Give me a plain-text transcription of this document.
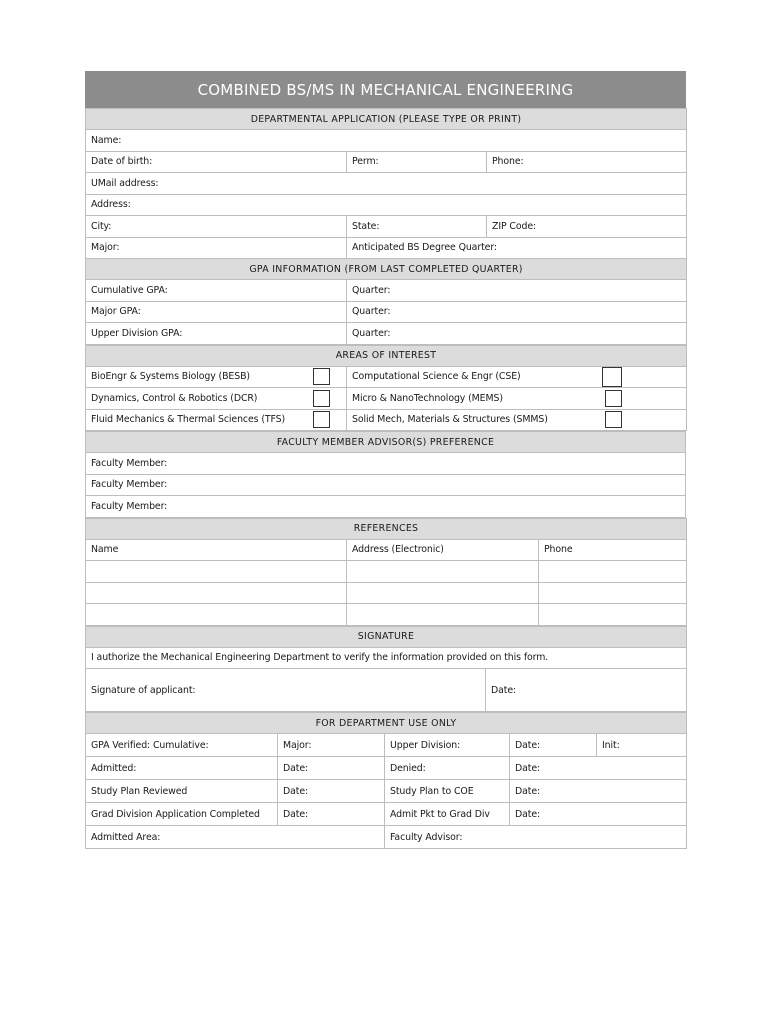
COMBINED BS/MS IN MECHANICAL ENGINEERING
DEPARTMENTAL APPLICATION (PLEASE TYPE OR PRINT)		
Name:		
Date of birth:	Perm:	Phone:
UMail address:		
Address:		
City:	State:	ZIP Code:
Major:	Anticipated BS Degree Quarter:	
GPA INFORMATION (FROM LAST COMPLETED QUARTER)		
Cumulative GPA:	Quarter:	
Major GPA:	Quarter:	
Upper Division GPA:	Quarter:	
AREAS OF INTEREST			
BioEngr & Systems Biology (BESB)		Computational Science & Engr (CSE)	
Dynamics, Control & Robotics (DCR)		Micro & NanoTechnology (MEMS)	
Fluid Mechanics & Thermal Sciences (TFS)		Solid Mech, Materials & Structures (SMMS)	
FACULTY MEMBER ADVISOR(S) PREFERENCE
Faculty Member:
Faculty Member:
Faculty Member:
REFERENCES		
Name	Address (Electronic)	Phone

SIGNATURE
I authorize the Mechanical Engineering Department to verify the information provided on this form.
Signature of applicant:	Date:
FOR DEPARTMENT USE ONLY				
GPA Verified: Cumulative:	Major:	Upper Division:	Date:	Init:
Admitted:	Date:	Denied:	Date:	
Study Plan Reviewed	Date:	Study Plan to COE	Date:	
Grad Division Application Completed	Date:	Admit Pkt to Grad Div	Date:	
Admitted Area:		Faculty Advisor:		
